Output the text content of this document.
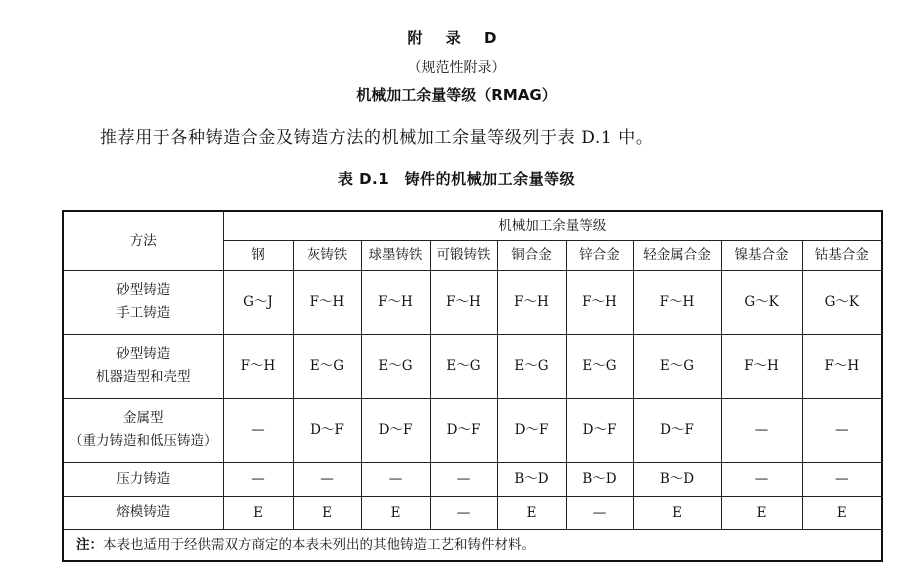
附 录 D
（规范性附录）
机械加工余量等级（RMAG）
推荐用于各种铸造合金及铸造方法的机械加工余量等级列于表 D.1 中。
表 D.1　铸件的机械加工余量等级
方法	机械加工余量等级								
	钢	灰铸铁	球墨铸铁	可锻铸铁	铜合金	锌合金	轻金属合金	镍基合金	钴基合金

砂型铸造
手工铸造	G～J	F～H	F～H	F～H	F～H	F～H	F～H	G～K	G～K

砂型铸造
机器造型和壳型	F～H	E～G	E～G	E～G	E～G	E～G	E～G	F～H	F～H

金属型
（重力铸造和低压铸造）	—	D～F	D～F	D～F	D～F	D～F	D～F	—	—

压力铸造	—	—	—	—	B～D	B～D	B～D	—	—

熔模铸造	E	E	E	—	E	—	E	E	E
注：本表也适用于经供需双方商定的本表未列出的其他铸造工艺和铸件材料。									
